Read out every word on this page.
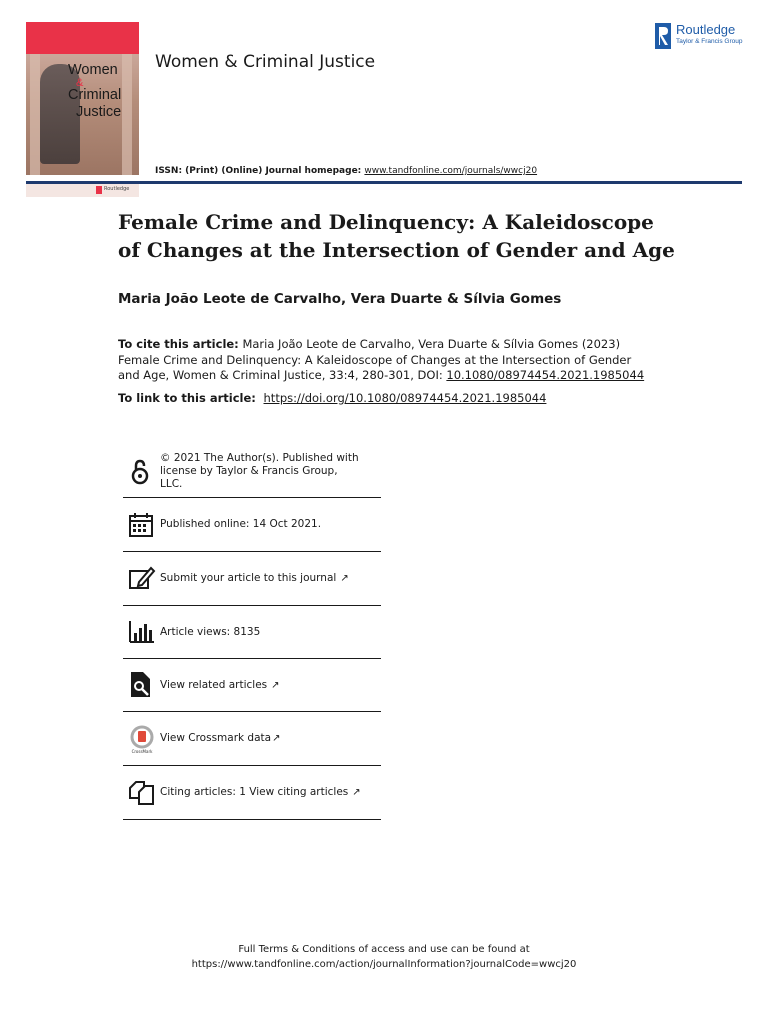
Women
&
Criminal
Justice
Routledge
Women & Criminal Justice
ISSN: (Print) (Online) Journal homepage: www.tandfonline.com/journals/wwcj20
Routledge
Taylor & Francis Group
Female Crime and Delinquency: A Kaleidoscope of Changes at the Intersection of Gender and Age
Maria João Leote de Carvalho, Vera Duarte & Sílvia Gomes
To cite this article: Maria João Leote de Carvalho, Vera Duarte & Sílvia Gomes (2023) Female Crime and Delinquency: A Kaleidoscope of Changes at the Intersection of Gender and Age, Women & Criminal Justice, 33:4, 280-301, DOI: 10.1080/08974454.2021.1985044
To link to this article: https://doi.org/10.1080/08974454.2021.1985044
© 2021 The Author(s). Published with license by Taylor & Francis Group, LLC.
Published online: 14 Oct 2021.
Submit your article to this journal ↗
Article views: 8135
View related articles ↗
CrossMark
View Crossmark data ↗
Citing articles: 1 View citing articles ↗
Full Terms & Conditions of access and use can be found at
https://www.tandfonline.com/action/journalInformation?journalCode=wwcj20
